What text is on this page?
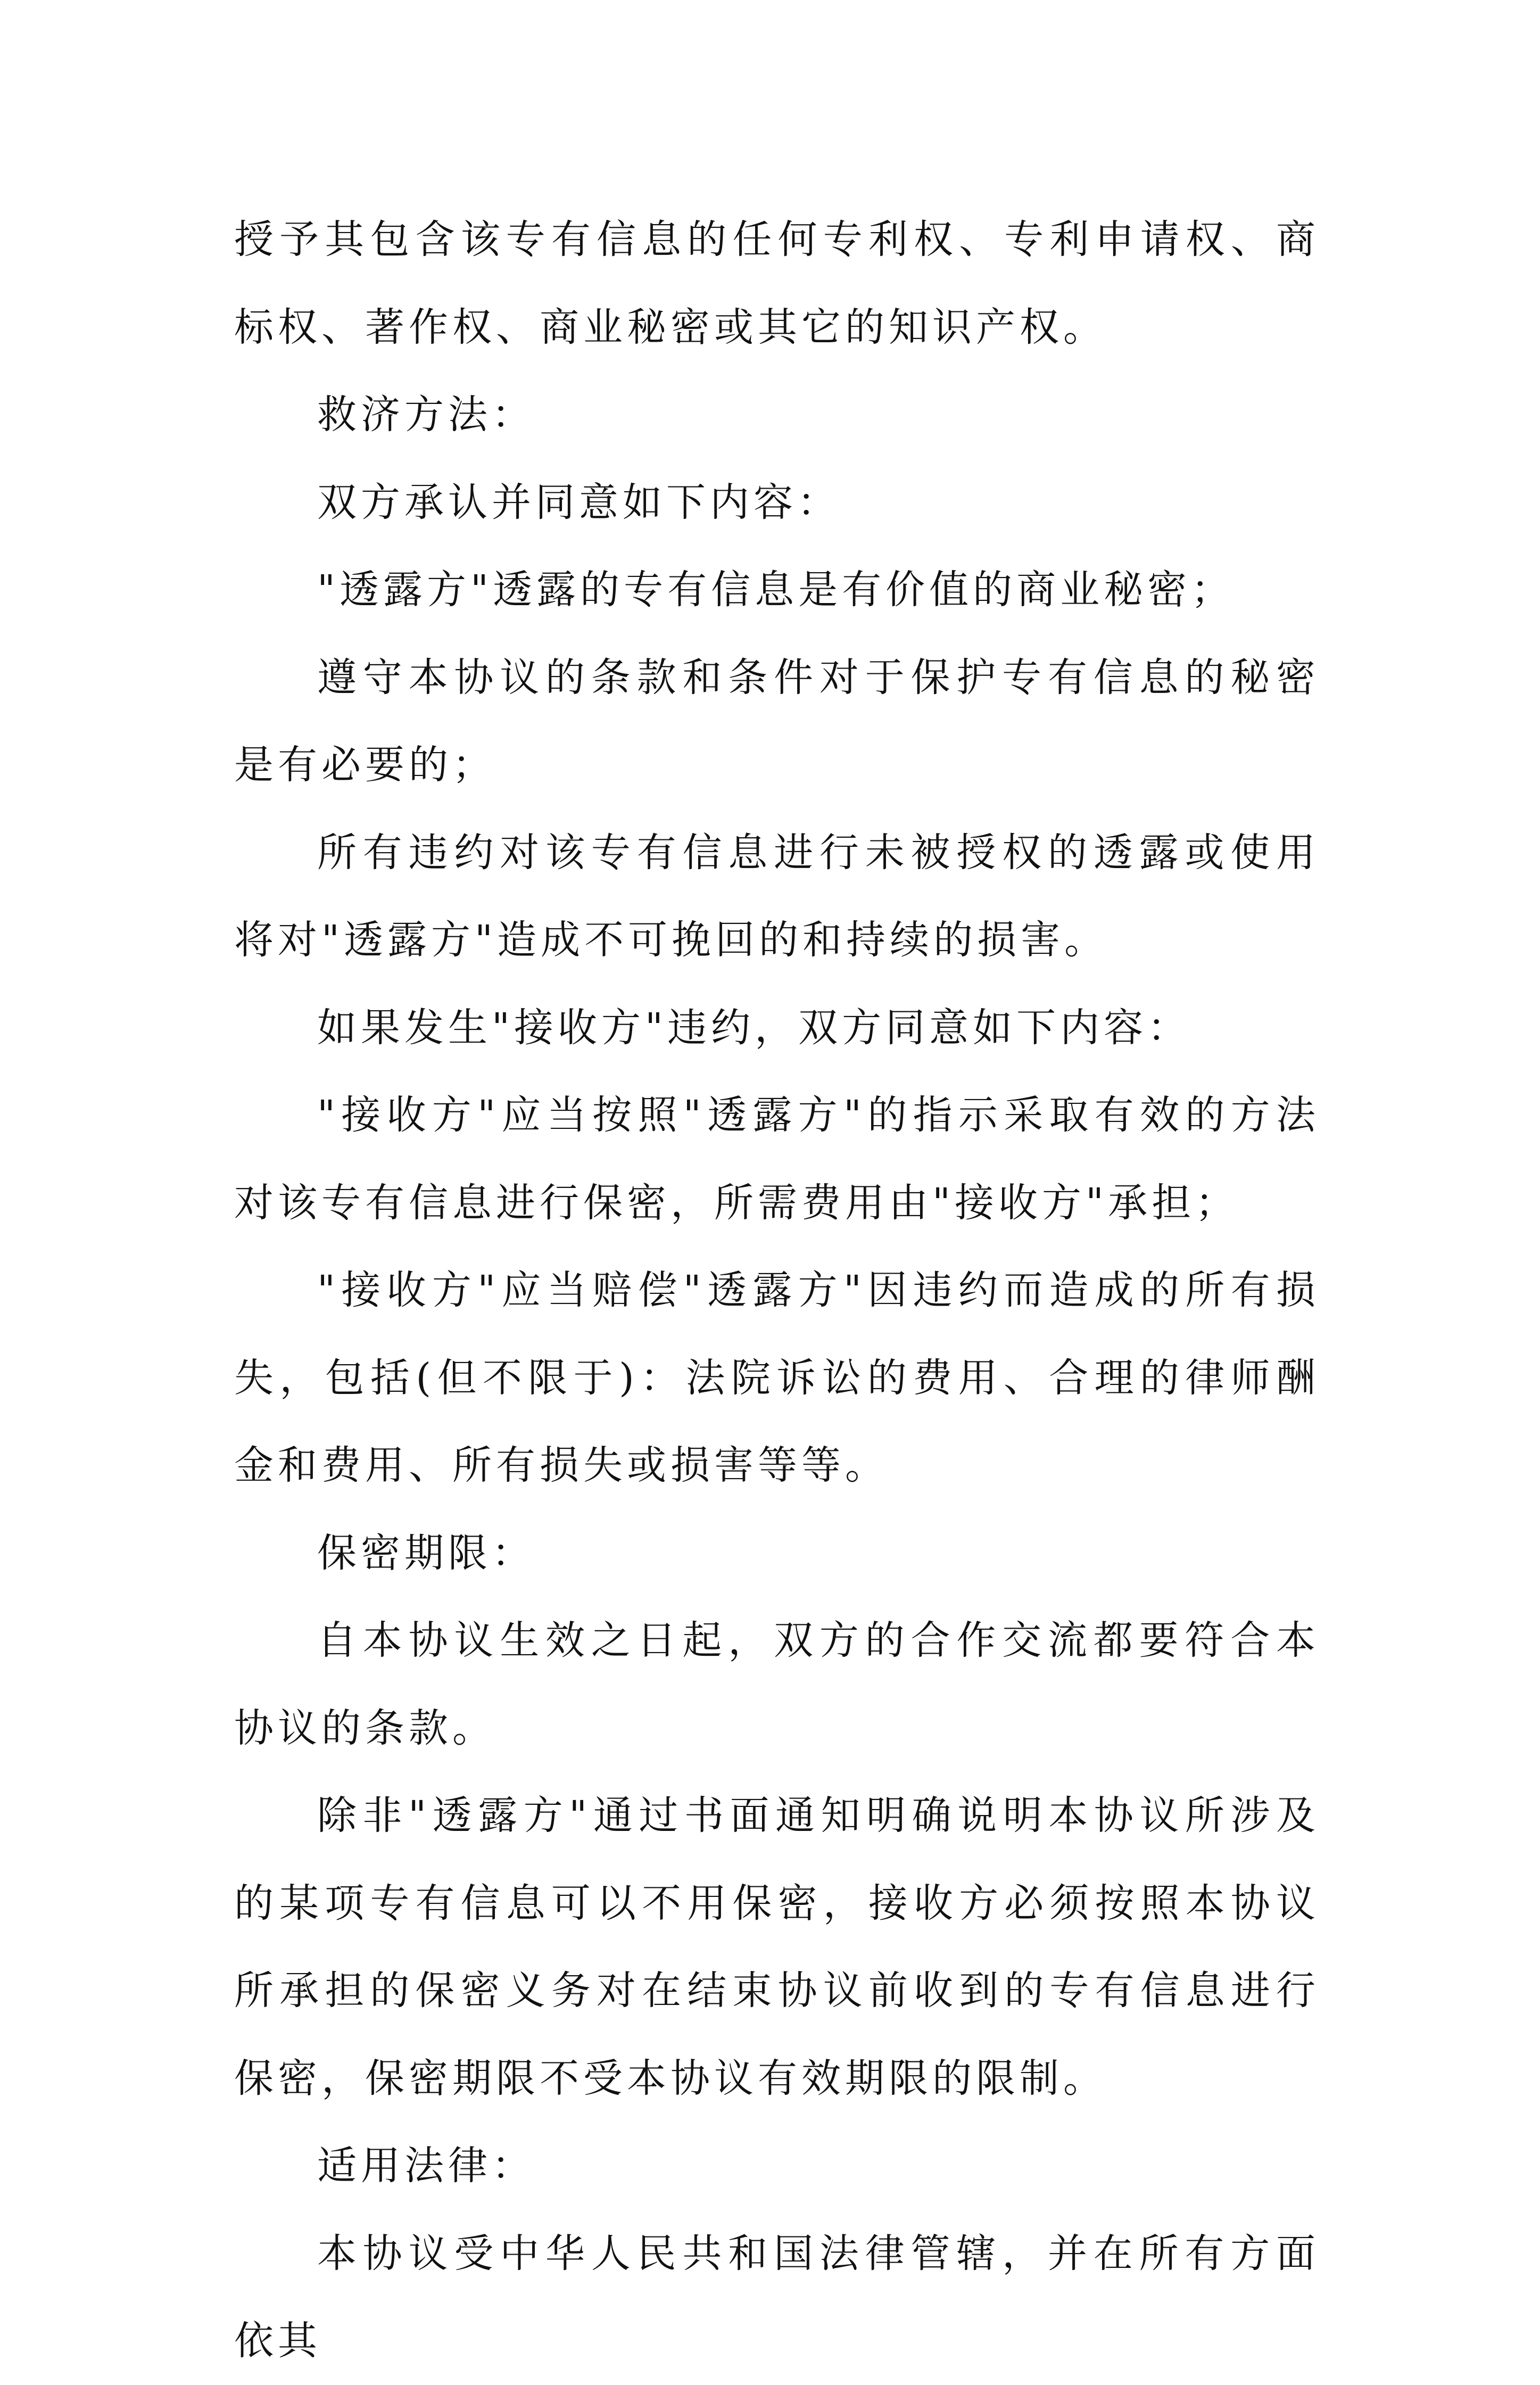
授予其包含该专有信息的任何专利权、专利申请权、商标权、著作权、商业秘密或其它的知识产权。

救济方法：

双方承认并同意如下内容：

"透露方"透露的专有信息是有价值的商业秘密；

遵守本协议的条款和条件对于保护专有信息的秘密是有必要的；

所有违约对该专有信息进行未被授权的透露或使用将对"透露方"造成不可挽回的和持续的损害。

如果发生"接收方"违约，双方同意如下内容：

"接收方"应当按照"透露方"的指示采取有效的方法对该专有信息进行保密，所需费用由"接收方"承担；

"接收方"应当赔偿"透露方"因违约而造成的所有损失，包括(但不限于)：法院诉讼的费用、合理的律师酬金和费用、所有损失或损害等等。

保密期限：

自本协议生效之日起，双方的合作交流都要符合本协议的条款。

除非"透露方"通过书面通知明确说明本协议所涉及的某项专有信息可以不用保密，接收方必须按照本协议所承担的保密义务对在结束协议前收到的专有信息进行保密，保密期限不受本协议有效期限的限制。

适用法律：

本协议受中华人民共和国法律管辖，并在所有方面依其
